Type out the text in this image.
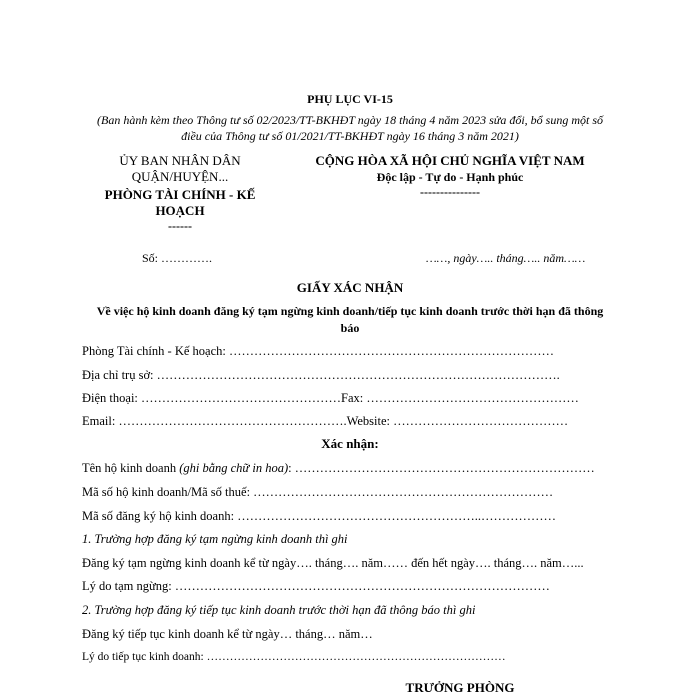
PHỤ LỤC VI-15
(Ban hành kèm theo Thông tư số 02/2023/TT-BKHĐT ngày 18 tháng 4 năm 2023 sửa đổi, bổ sung một số
điều của Thông tư số 01/2021/TT-BKHĐT ngày 16 tháng 3 năm 2021)
ỦY BAN NHÂN DÂN
QUẬN/HUYỆN...
PHÒNG TÀI CHÍNH - KẾ
HOẠCH
------
Số: ………….
CỘNG HÒA XÃ HỘI CHỦ NGHĨA VIỆT NAM
Độc lập - Tự do - Hạnh phúc
---------------
……, ngày….. tháng….. năm……
GIẤY XÁC NHẬN
Về việc hộ kinh doanh đăng ký tạm ngừng kinh doanh/tiếp tục kinh doanh trước thời hạn đã thông
báo
Phòng Tài chính - Kế hoạch: ……………………………………………………………………
Địa chỉ trụ sở: …………………………………………………………………………………….
Điện thoại: …………………………………………Fax: ……………………………………………
Email: ……………………………………………….Website: ……………………………………
Xác nhận:
Tên hộ kinh doanh (ghi bằng chữ in hoa): ………………………………………………………………
Mã số hộ kinh doanh/Mã số thuế: ………………………………………………………………
Mã số đăng ký hộ kinh doanh: …………………………………………………..………………
1. Trường hợp đăng ký tạm ngừng kinh doanh thì ghi
Đăng ký tạm ngừng kinh doanh kể từ ngày…. tháng…. năm…… đến hết ngày…. tháng…. năm…...
Lý do tạm ngừng: ………………………………………………………………………………
2. Trường hợp đăng ký tiếp tục kinh doanh trước thời hạn đã thông báo thì ghi
Đăng ký tiếp tục kinh doanh kể từ ngày… tháng… năm…
Lý do tiếp tục kinh doanh: ……………………………………………………………………
TRƯỞNG PHÒNG
